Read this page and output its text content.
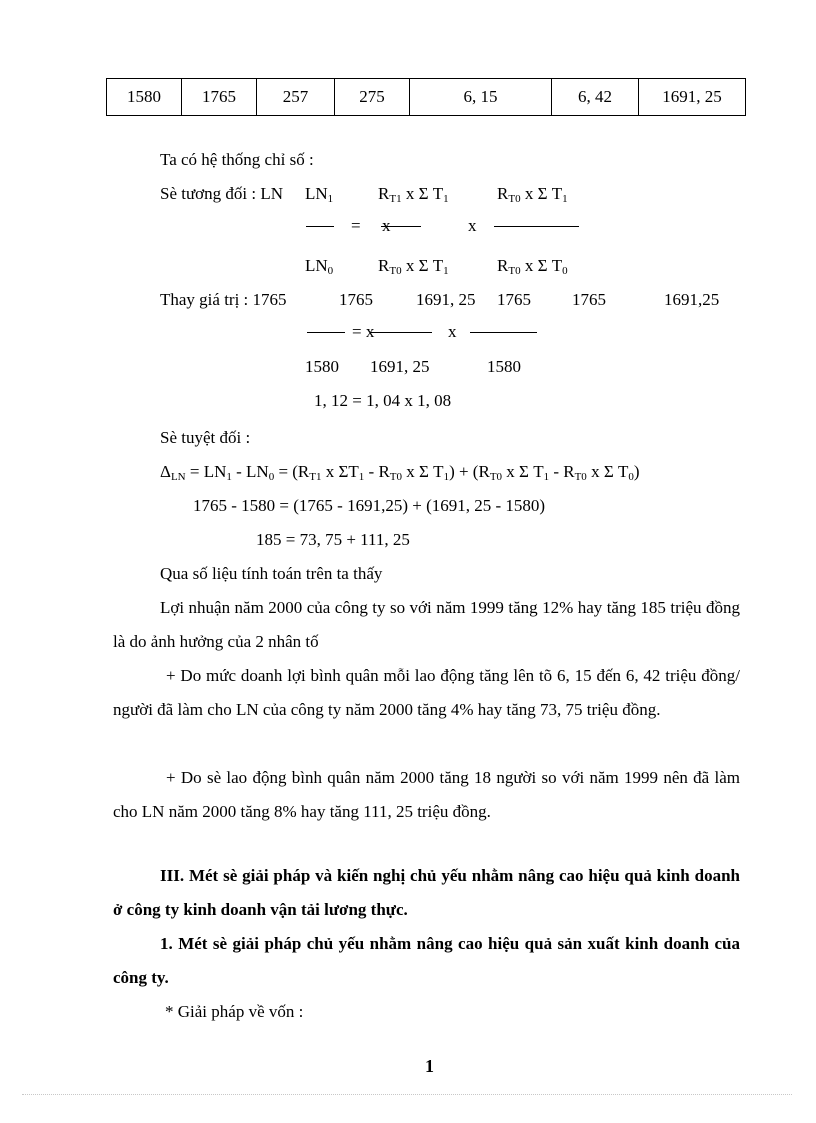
1580	1765	257	275	6, 15	6, 42	1691, 25
Ta có hệ thống chỉ số :
Sè tương đối : LN $LN_1$	$R_{T1}$ x Σ $T_1$	$R_{T0}$ x Σ $T_1$
= x	x
$LN_0$	$R_{T0}$ x Σ $T_1$	$R_{T0}$ x Σ $T_0$
Thay giá trị : 1765	1765	1691, 25 1765 1765	1691,25
= x	x
1580 1691, 25	1580
1, 12 = 1, 04 x 1, 08
Sè tuyệt đối :
$\Delta_{LN} = LN_1 - LN_0 = (R_{T1}$ x $\Sigma T_1 - R_{T0}$ x Σ $T_1) + (R_{T0}$ x Σ $T_1 - R_{T0}$ x Σ $T_0$)
1765 - 1580 = (1765 - 1691,25) + (1691, 25 - 1580)
185 = 73, 75 + 111, 25
Qua số liệu tính toán trên ta thấy
Lợi nhuận năm 2000 của công ty so với năm 1999 tăng 12% hay tăng 185 triệu đồng là do ảnh hưởng của 2 nhân tố
+ Do mức doanh lợi bình quân mỗi lao động tăng lên tõ 6, 15 đến 6, 42 triệu đồng/ người đã làm cho LN của công ty năm 2000 tăng 4% hay tăng 73, 75 triệu đồng.
+ Do sè lao động bình quân năm 2000 tăng 18 người so với năm 1999 nên đã làm cho LN năm 2000 tăng 8% hay tăng 111, 25 triệu đồng.
III. Mét sè giải pháp và kiến nghị chủ yếu nhằm nâng cao hiệu quả kinh doanh ở công ty kinh doanh vận tải lương thực.
1. Mét sè giải pháp chủ yếu nhằm nâng cao hiệu quả sản xuất kinh doanh của công ty.
* Giải pháp về vốn :
1
